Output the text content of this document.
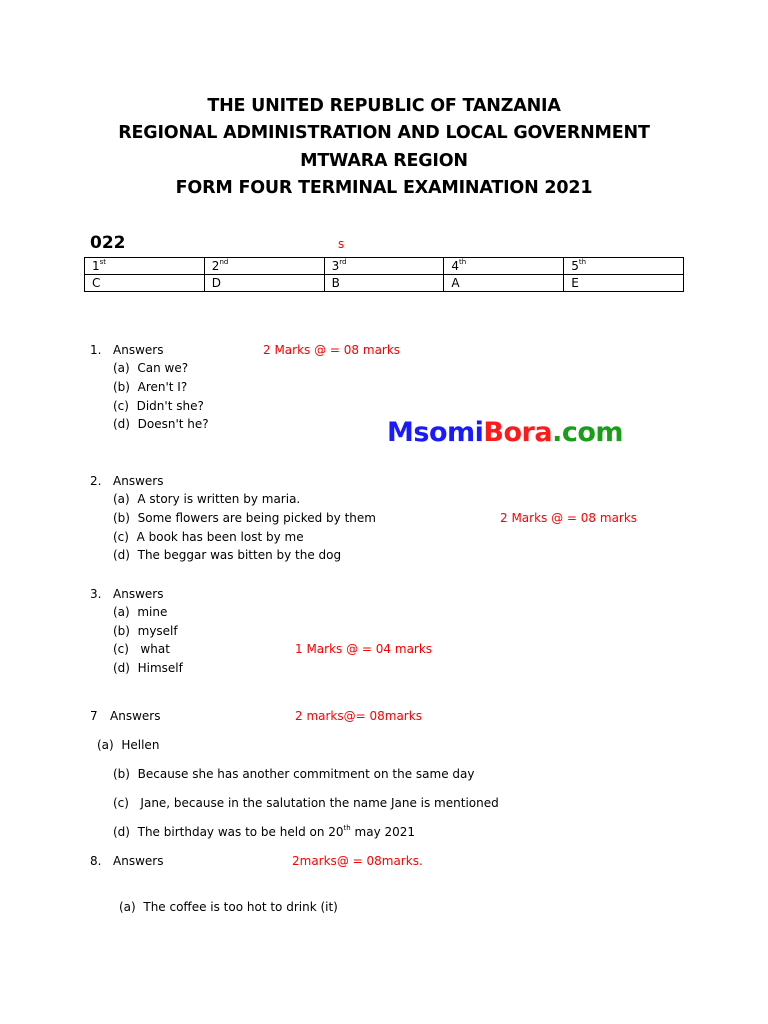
THE UNITED REPUBLIC OF TANZANIA
REGIONAL ADMINISTRATION AND LOCAL GOVERNMENT
MTWARA REGION
FORM FOUR TERMINAL EXAMINATION 2021
022	s
1st	2nd	3rd	4th	5th
C	D	B	A	E
1. Answers	2 Marks @ = 08 marks
(a) Can we?
(b) Aren't I?
(c) Didn't she?
(d) Doesn't he?	MsomiBora.com
2. Answers
(a) A story is written by maria.
(b) Some flowers are being picked by them	2 Marks @ = 08 marks
(c) A book has been lost by me
(d) The beggar was bitten by the dog
3. Answers
(a) mine
(b) myself
(c)   what	1 Marks @ = 04 marks
(d) Himself
7 Answers	2 marks@= 08marks
(a) Hellen
(b) Because she has another commitment on the same day
(c)   Jane, because in the salutation the name Jane is mentioned
(d) The birthday was to be held on 20th may 2021
8. Answers	2marks@ = 08marks.
(a) The coffee is too hot to drink (it)
